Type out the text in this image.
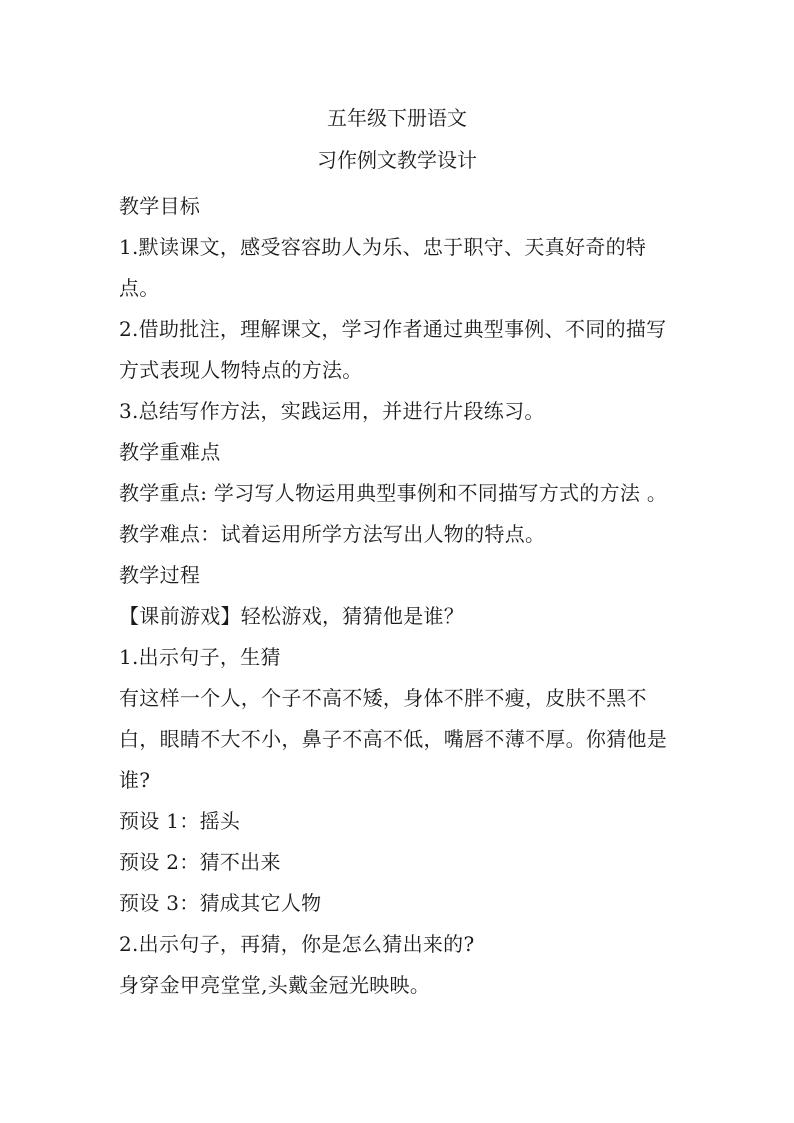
五年级下册语文
习作例文教学设计

教学目标

1.默读课文，感受容容助人为乐、忠于职守、天真好奇的特点。

2.借助批注，理解课文，学习作者通过典型事例、不同的描写方式表现人物特点的方法。

3.总结写作方法，实践运用，并进行片段练习。

教学重难点

教学重点: 学习写人物运用典型事例和不同描写方式的方法 。

教学难点：试着运用所学方法写出人物的特点。

教学过程

【课前游戏】轻松游戏，猜猜他是谁？

1.出示句子，生猜

有这样一个人，个子不高不矮，身体不胖不瘦，皮肤不黑不白，眼睛不大不小，鼻子不高不低，嘴唇不薄不厚。你猜他是谁?

预设 1：摇头

预设 2：猜不出来

预设 3：猜成其它人物

2.出示句子，再猜，你是怎么猜出来的?

身穿金甲亮堂堂,头戴金冠光映映。
